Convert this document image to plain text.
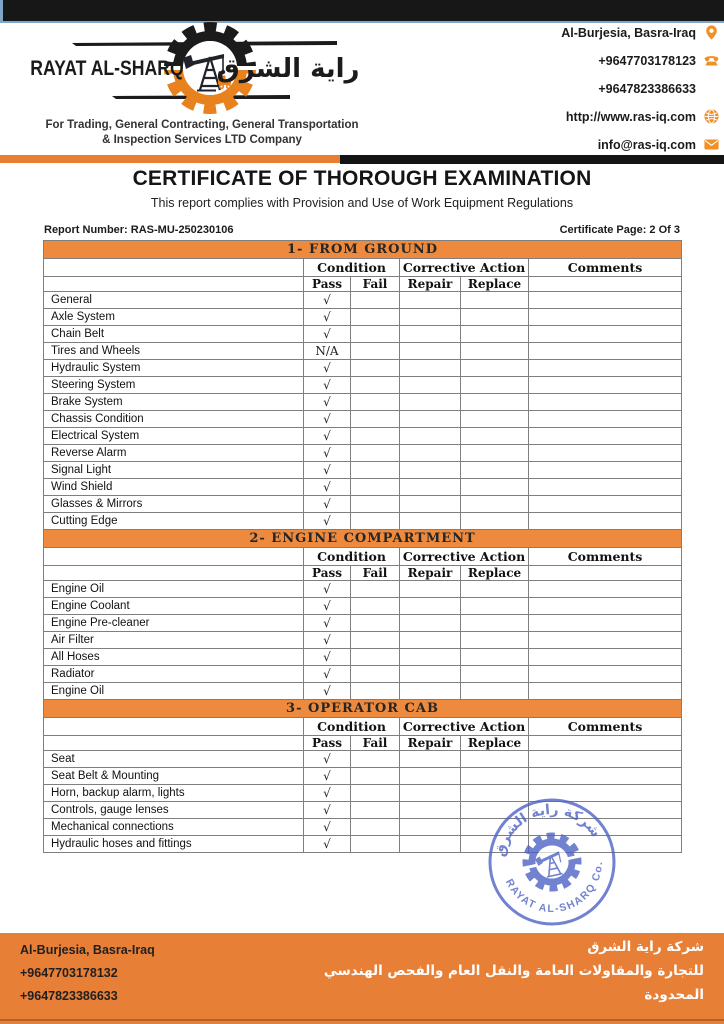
RAYAT AL-SHARQ راية الشرق
For Trading, General Contracting, General Transportation
& Inspection Services LTD Company
Al-Burjesia, Basra-Iraq
+9647703178123
+9647823386633
http://www.ras-iq.com
info@ras-iq.com
CERTIFICATE OF THOROUGH EXAMINATION
This report complies with Provision and Use of Work Equipment Regulations
Report Number: RAS-MU-250230106	Certificate Page: 2 Of 3
1- FROM GROUND					
	Condition		Corrective Action		Comments
	Pass	Fail	Repair	Replace	
General	√				
Axle System	√				
Chain Belt	√				
Tires and Wheels	N/A				
Hydraulic System	√				
Steering System	√				
Brake System	√				
Chassis Condition	√				
Electrical System	√				
Reverse Alarm	√				
Signal Light	√				
Wind Shield	√				
Glasses & Mirrors	√				
Cutting Edge	√				
2- ENGINE COMPARTMENT					
	Condition		Corrective Action		Comments
	Pass	Fail	Repair	Replace	
Engine Oil	√				
Engine Coolant	√				
Engine Pre-cleaner	√				
Air Filter	√				
All Hoses	√				
Radiator	√				
Engine Oil	√				
3- OPERATOR CAB					
	Condition		Corrective Action		Comments
	Pass	Fail	Repair	Replace	
Seat	√				
Seat Belt & Mounting	√				
Horn, backup alarm, lights	√				
Controls, gauge lenses	√				
Mechanical connections	√				
Hydraulic hoses and fittings	√					شركة راية الشرق
RAYAT AL-SHARQ Co.
Al-Burjesia, Basra-Iraq
+9647703178132
+9647823386633
شركة راية الشرق
للتجارة والمقاولات العامة والنقل العام والفحص الهندسي
المحدودة
